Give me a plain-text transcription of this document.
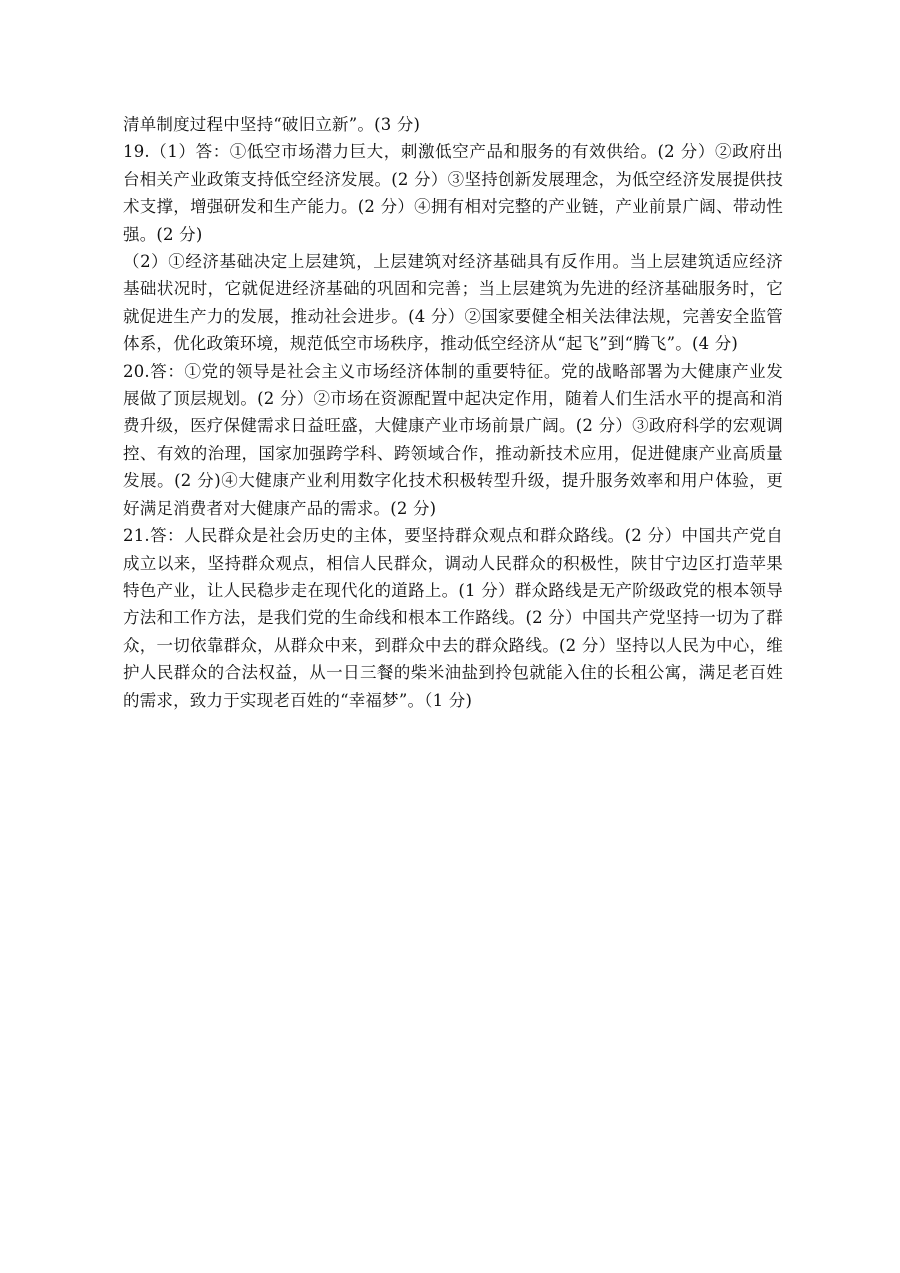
清单制度过程中坚持“破旧立新”。(3 分)

19.（1）答：①低空市场潜力巨大，刺激低空产品和服务的有效供给。(2 分）②政府出台相关产业政策支持低空经济发展。(2 分）③坚持创新发展理念，为低空经济发展提供技术支撑，增强研发和生产能力。(2 分）④拥有相对完整的产业链，产业前景广阔、带动性强。(2 分)

（2）①经济基础决定上层建筑，上层建筑对经济基础具有反作用。当上层建筑适应经济基础状况时，它就促进经济基础的巩固和完善；当上层建筑为先进的经济基础服务时，它就促进生产力的发展，推动社会进步。(4 分）②国家要健全相关法律法规，完善安全监管体系，优化政策环境，规范低空市场秩序，推动低空经济从“起飞”到“腾飞”。(4 分)

20.答：①党的领导是社会主义市场经济体制的重要特征。党的战略部署为大健康产业发展做了顶层规划。(2 分）②市场在资源配置中起决定作用，随着人们生活水平的提高和消费升级，医疗保健需求日益旺盛，大健康产业市场前景广阔。(2 分）③政府科学的宏观调控、有效的治理，国家加强跨学科、跨领域合作，推动新技术应用，促进健康产业高质量发展。(2 分)④大健康产业利用数字化技术积极转型升级，提升服务效率和用户体验，更好满足消费者对大健康产品的需求。(2 分)

21.答：人民群众是社会历史的主体，要坚持群众观点和群众路线。(2 分）中国共产党自成立以来，坚持群众观点，相信人民群众，调动人民群众的积极性，陕甘宁边区打造苹果特色产业，让人民稳步走在现代化的道路上。(1 分）群众路线是无产阶级政党的根本领导方法和工作方法，是我们党的生命线和根本工作路线。(2 分）中国共产党坚持一切为了群众，一切依靠群众，从群众中来，到群众中去的群众路线。(2 分）坚持以人民为中心，维护人民群众的合法权益，从一日三餐的柴米油盐到拎包就能入住的长租公寓，满足老百姓的需求，致力于实现老百姓的“幸福梦”。（1 分)
